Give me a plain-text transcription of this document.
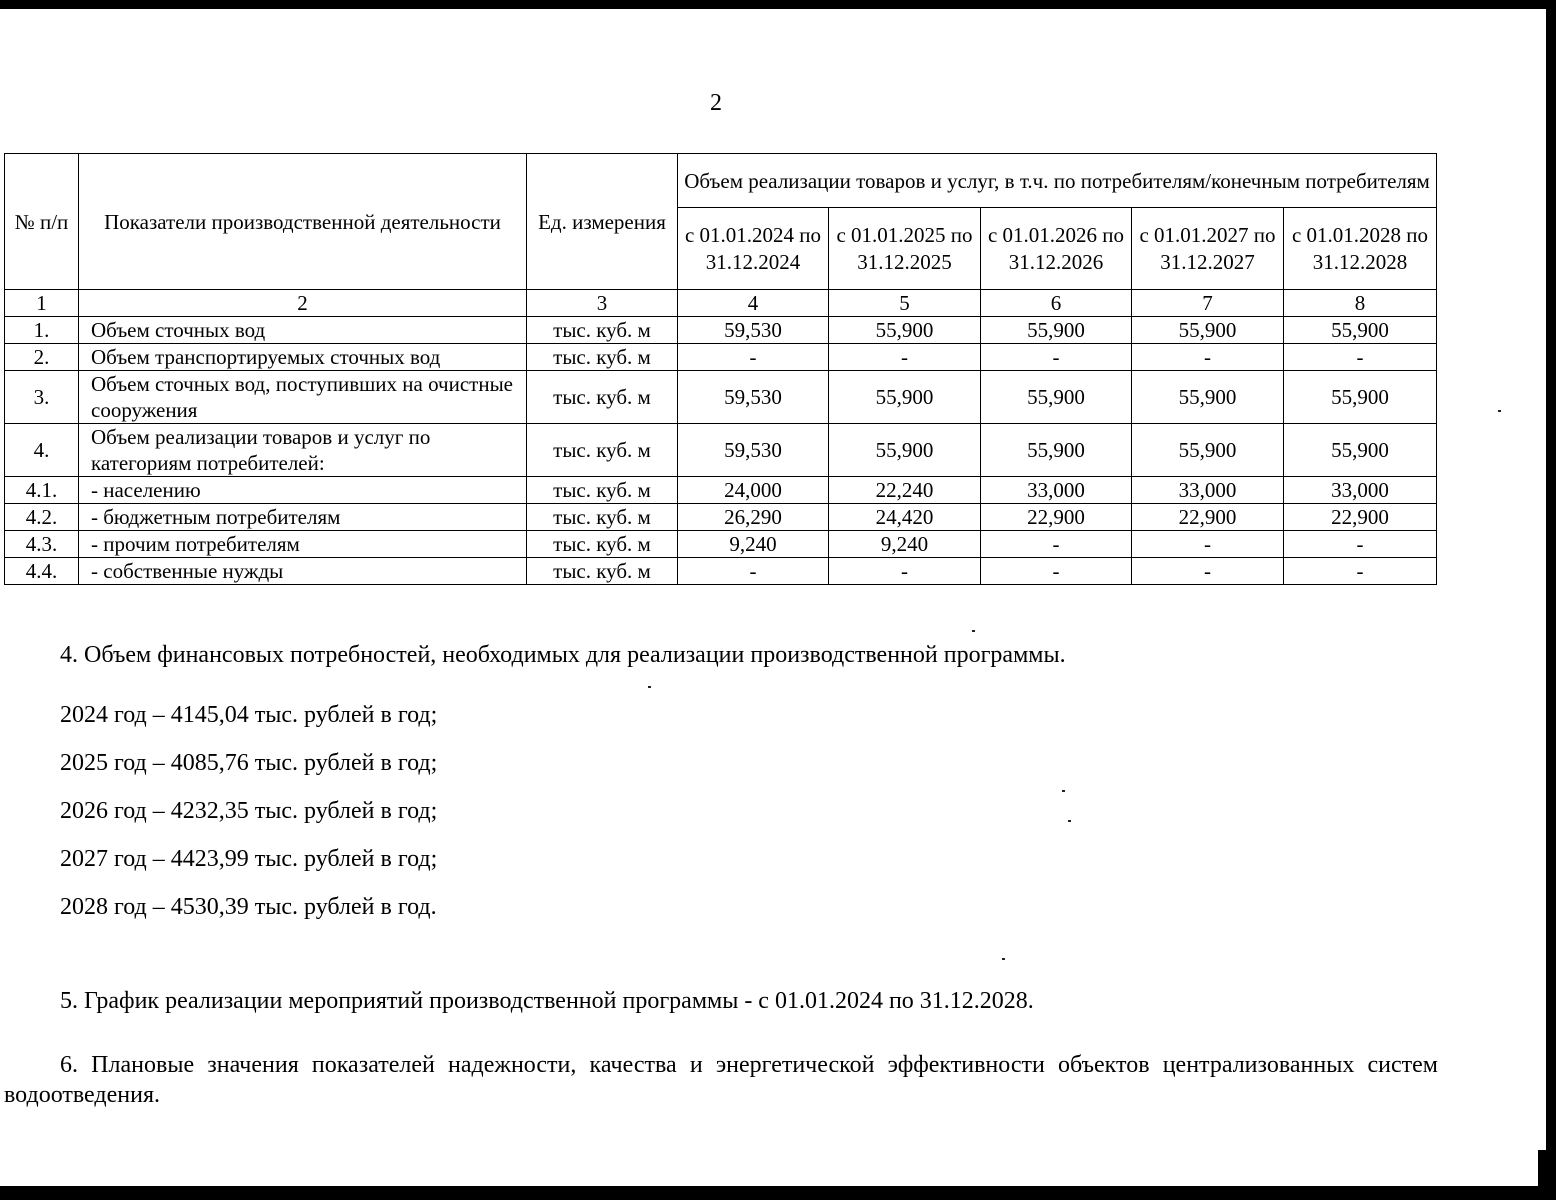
2
№ п/п	Показатели производственной деятельности	Ед. измерения	Объем реализации товаров и услуг, в т.ч. по потребителям/конечным потребителям				
			с 01.01.2024 по 31.12.2024	с 01.01.2025 по 31.12.2025	с 01.01.2026 по 31.12.2026	с 01.01.2027 по 31.12.2027	с 01.01.2028 по 31.12.2028
1	2	3	4	5	6	7	8
1.	Объем сточных вод	тыс. куб. м	59,530	55,900	55,900	55,900	55,900
2.	Объем транспортируемых сточных вод	тыс. куб. м	-	-	-	-	-
3.	Объем сточных вод, поступивших на очистные сооружения	тыс. куб. м	59,530	55,900	55,900	55,900	55,900
4.	Объем реализации товаров и услуг по категориям потребителей:	тыс. куб. м	59,530	55,900	55,900	55,900	55,900
4.1.	- населению	тыс. куб. м	24,000	22,240	33,000	33,000	33,000
4.2.	- бюджетным потребителям	тыс. куб. м	26,290	24,420	22,900	22,900	22,900
4.3.	- прочим потребителям	тыс. куб. м	9,240	9,240	-	-	-
4.4.	- собственные нужды	тыс. куб. м	-	-	-	-	-
4. Объем финансовых потребностей, необходимых для реализации производственной программы.
2024 год – 4145,04 тыс. рублей в год;
2025 год – 4085,76 тыс. рублей в год;
2026 год – 4232,35 тыс. рублей в год;
2027 год – 4423,99 тыс. рублей в год;
2028 год – 4530,39 тыс. рублей в год.
5. График реализации мероприятий производственной программы - с 01.01.2024 по 31.12.2028.
6. Плановые значения показателей надежности, качества и энергетической эффективности объектов централизованных систем водоотведения.
